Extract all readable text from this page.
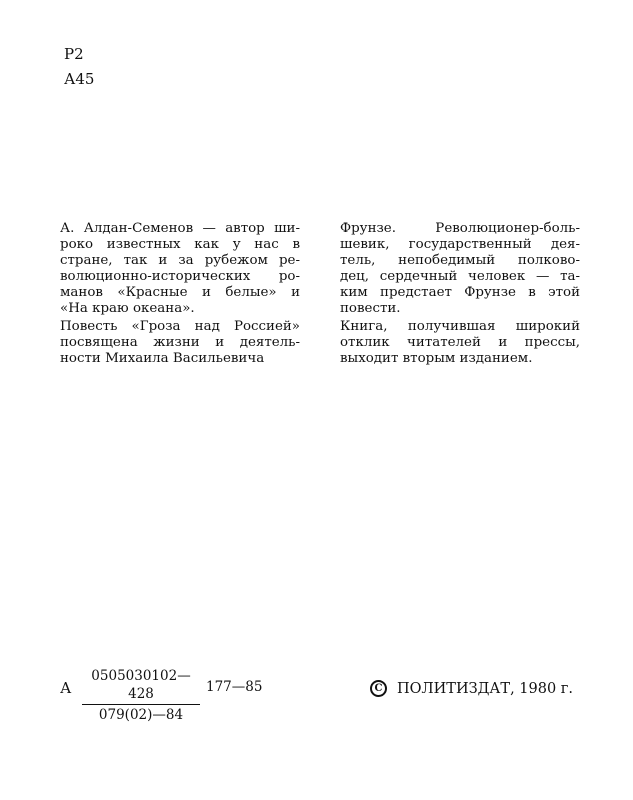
Р2
А45
А. Алдан-Семенов — автор ши-
роко известных как у нас в
стране, так и за рубежом ре-
волюционно-исторических ро-
манов «Красные и белые» и
«На краю океана».
Повесть «Гроза над Россией»
посвящена жизни и деятель-
ности Михаила Васильевича
Фрунзе. Революционер-боль-
шевик, государственный дея-
тель, непобедимый полково-
дец, сердечный человек — та-
ким предстает Фрунзе в этой
повести.
Книга, получившая широкий
отклик читателей и прессы,
выходит вторым изданием.
А $\frac{0505030102—428}{079(02)—84}$ 177—85	C	ПОЛИТИЗДАТ, 1980 г.
